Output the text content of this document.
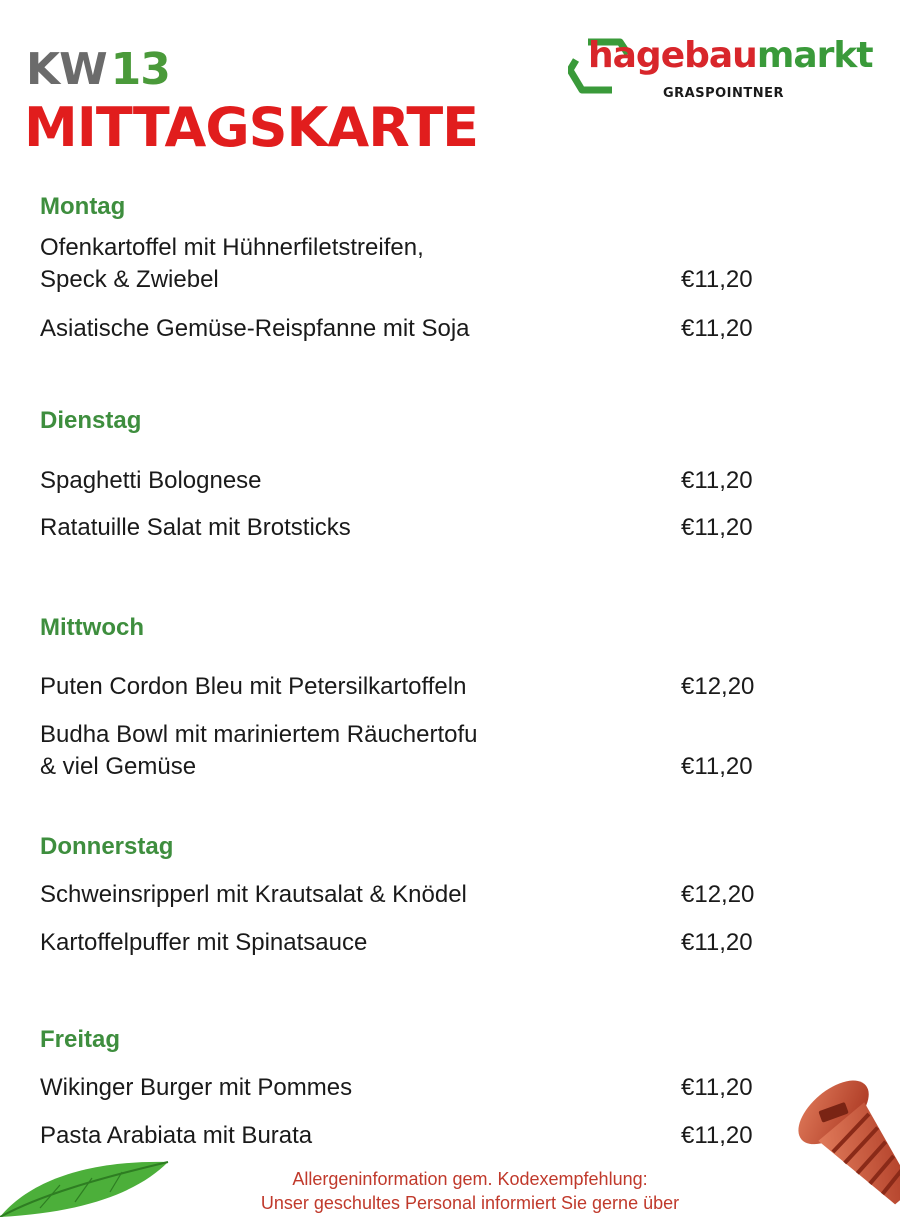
KW13
MITTAGSKARTE
hagebaumarkt
GRASPOINTNER
Montag
Ofenkartoffel mit Hühnerfiletstreifen,
Speck & Zwiebel	€11,20
Asiatische Gemüse-Reispfanne mit Soja	€11,20
Dienstag
Spaghetti Bolognese	€11,20
Ratatuille Salat mit Brotsticks	€11,20
Mittwoch
Puten Cordon Bleu mit Petersilkartoffeln	€12,20
Budha Bowl mit mariniertem Räuchertofu
& viel Gemüse	€11,20
Donnerstag
Schweinsripperl mit Krautsalat & Knödel	€12,20
Kartoffelpuffer mit Spinatsauce	€11,20
Freitag
Wikinger Burger mit Pommes	€11,20
Pasta Arabiata mit Burata	€11,20
Allergeninformation gem. Kodexempfehlung:
Unser geschultes Personal informiert Sie gerne über
